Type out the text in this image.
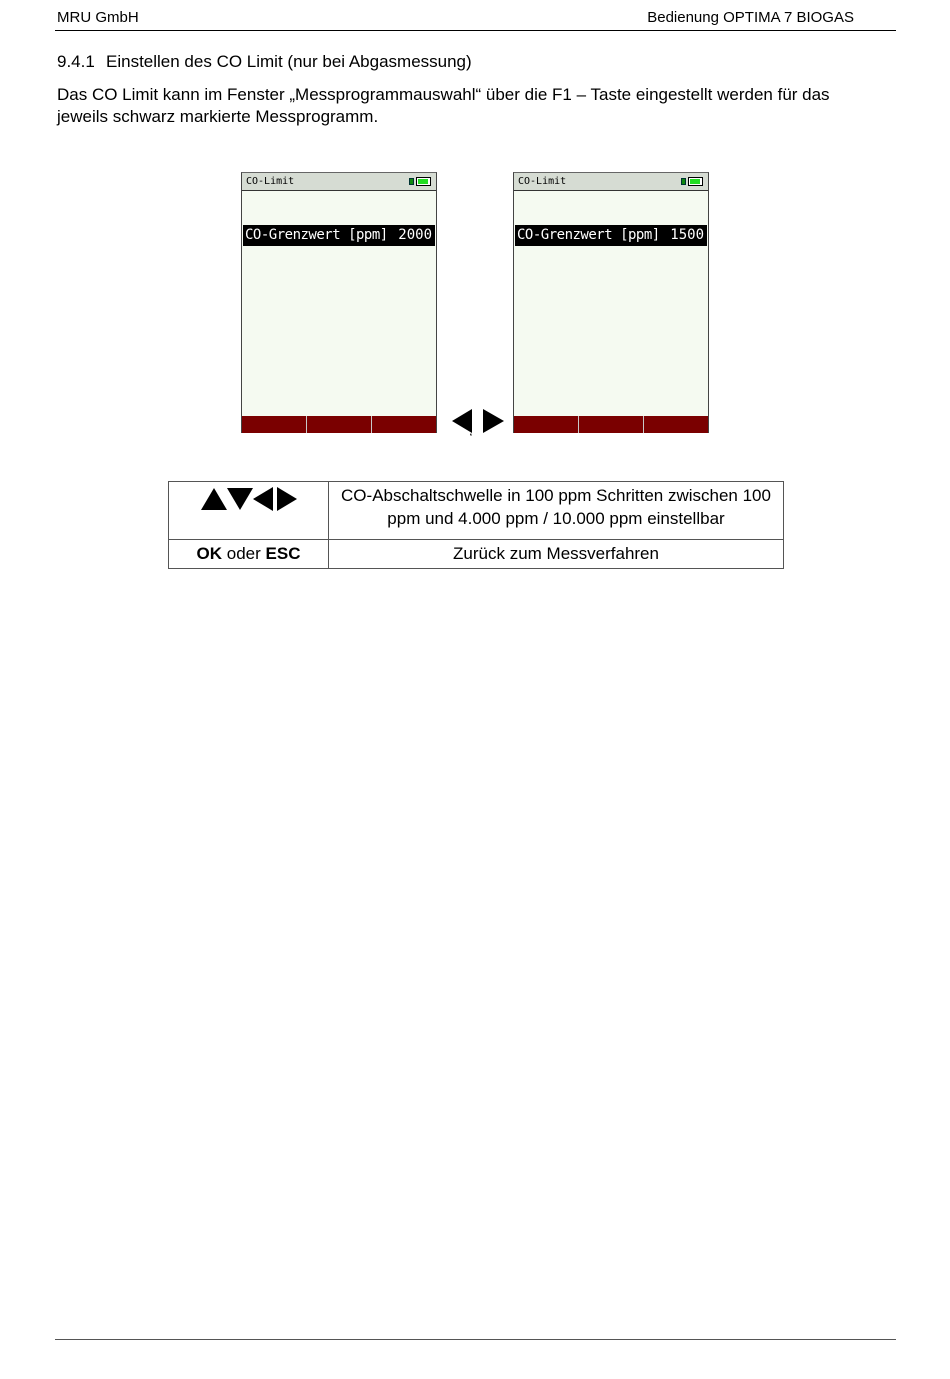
MRU GmbH	Bedienung OPTIMA 7 BIOGAS
9.4.1 Einstellen des CO Limit (nur bei Abgasmessung)
Das CO Limit kann im Fenster „Messprogrammauswahl“ über die F1 – Taste eingestellt werden für das jeweils schwarz markierte Messprogramm.
CO-Limit
CO-Grenzwert [ppm] 2000
,
CO-Limit
CO-Grenzwert [ppm] 1500
	CO-Abschaltschwelle in 100 ppm Schritten zwischen 100 ppm und 4.000 ppm / 10.000 ppm einstellbar
OK oder ESC	Zurück zum Messverfahren
